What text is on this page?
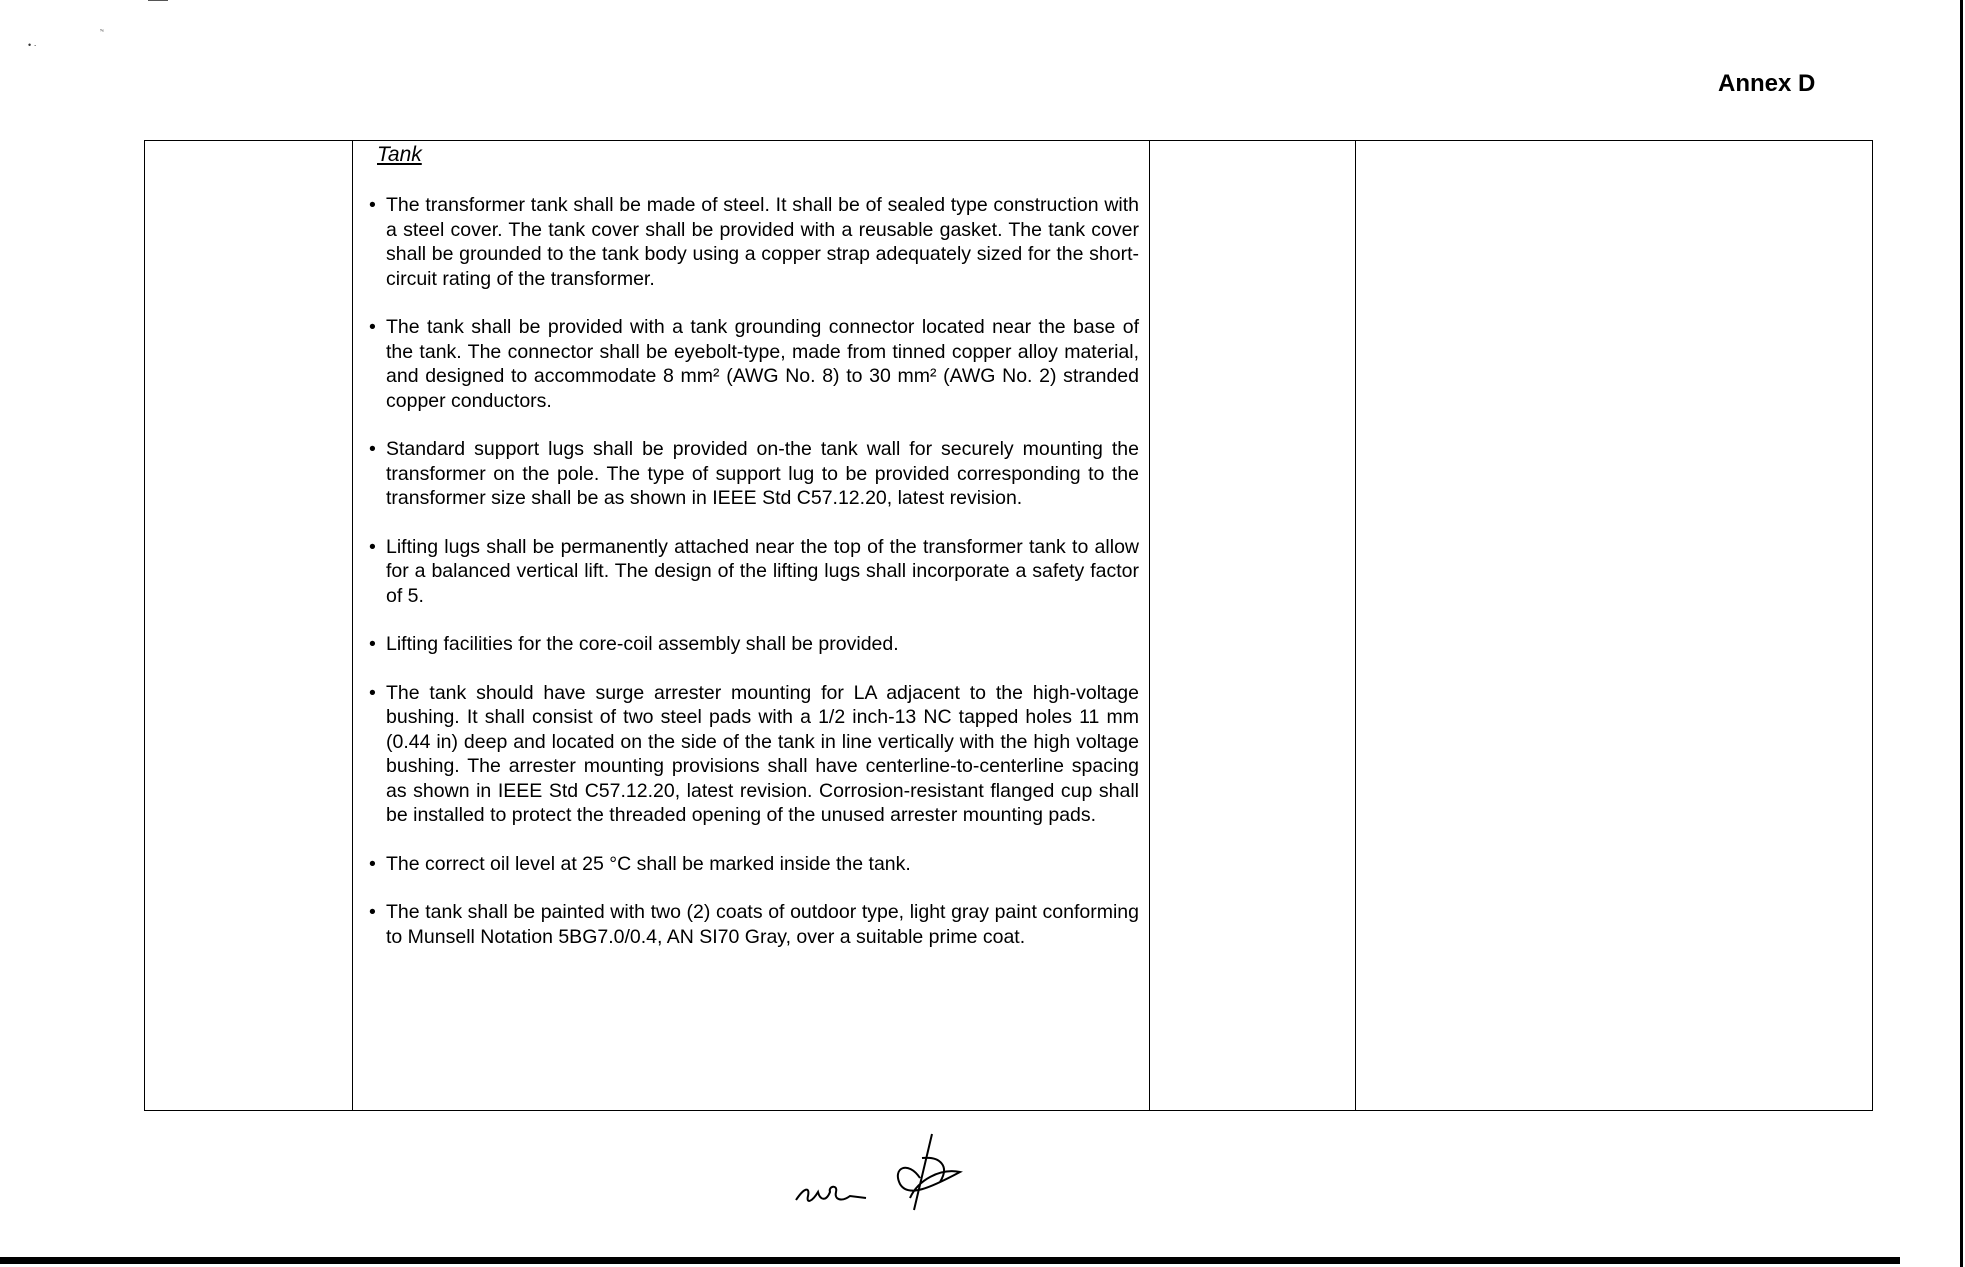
ʼ‘
• ·
Annex D

Tank
• The transformer tank shall be made of steel. It shall be of sealed type construction with a steel cover. The tank cover shall be provided with a reusable gasket. The tank cover shall be grounded to the tank body using a copper strap adequately sized for the short-circuit rating of the transformer.
• The tank shall be provided with a tank grounding connector located near the base of the tank. The connector shall be eyebolt-type, made from tinned copper alloy material, and designed to accommodate 8 mm² (AWG No. 8) to 30 mm² (AWG No. 2) stranded copper conductors.
• Standard support lugs shall be provided on-the tank wall for securely mounting the transformer on the pole. The type of support lug to be provided corresponding to the transformer size shall be as shown in IEEE Std C57.12.20, latest revision.
• Lifting lugs shall be permanently attached near the top of the transformer tank to allow for a balanced vertical lift. The design of the lifting lugs shall incorporate a safety factor of 5.
• Lifting facilities for the core-coil assembly shall be provided.
• The tank should have surge arrester mounting for LA adjacent to the high-voltage bushing. It shall consist of two steel pads with a 1/2 inch-13 NC tapped holes 11 mm (0.44 in) deep and located on the side of the tank in line vertically with the high voltage bushing. The arrester mounting provisions shall have centerline-to-centerline spacing as shown in IEEE Std C57.12.20, latest revision. Corrosion-resistant flanged cup shall be installed to protect the threaded opening of the unused arrester mounting pads.
• The correct oil level at 25 °C shall be marked inside the tank.
• The tank shall be painted with two (2) coats of outdoor type, light gray paint conforming to Munsell Notation 5BG7.0/0.4, AN SI70 Gray, over a suitable prime coat.
